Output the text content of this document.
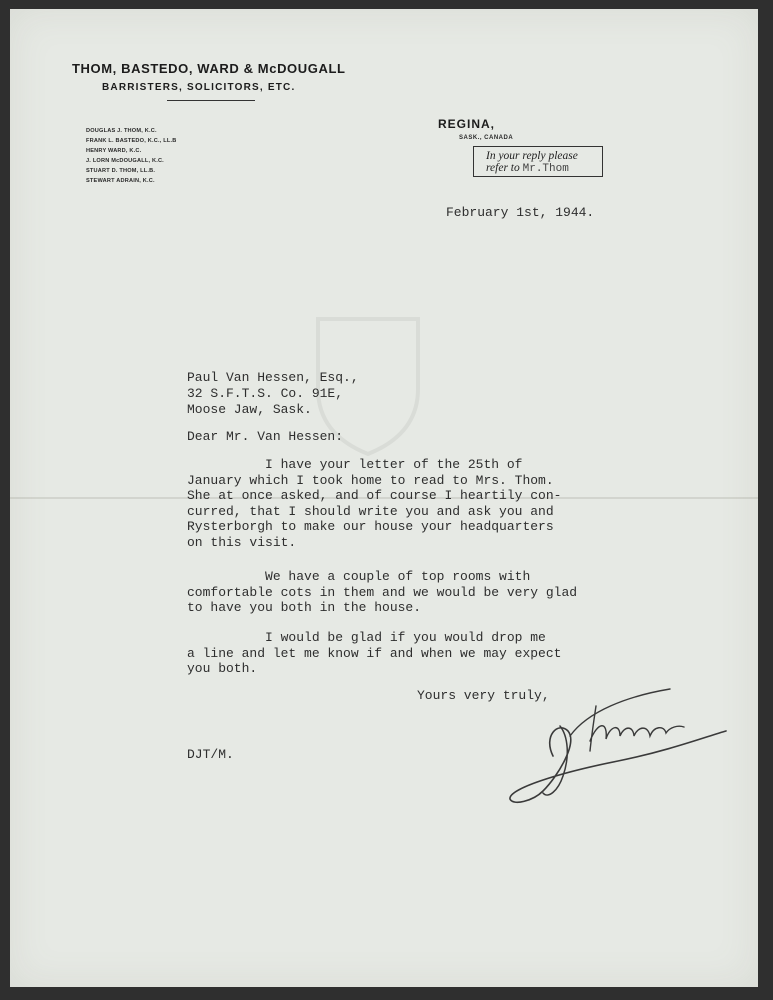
THOM, BASTEDO, WARD & McDOUGALL
BARRISTERS, SOLICITORS, ETC.
DOUGLAS J. THOM, K.C.
FRANK L. BASTEDO, K.C., LL.B
HENRY WARD, K.C.
J. LORN McDOUGALL, K.C.
STUART D. THOM, LL.B.
STEWART ADRAIN, K.C.
REGINA,
SASK., CANADA
In your reply please
refer to Mr.Thom
February 1st, 1944.
Paul Van Hessen, Esq.,
32 S.F.T.S. Co. 91E,
Moose Jaw, Sask.
Dear Mr. Van Hessen:
I have your letter of the 25th of
January which I took home to read to Mrs. Thom.
She at once asked, and of course I heartily con-
curred, that I should write you and ask you and
Rysterborgh to make our house your headquarters
on this visit.
We have a couple of top rooms with
comfortable cots in them and we would be very glad
to have you both in the house.
I would be glad if you would drop me
a line and let me know if and when we may expect
you both.
Yours very truly,
DJT/M.
